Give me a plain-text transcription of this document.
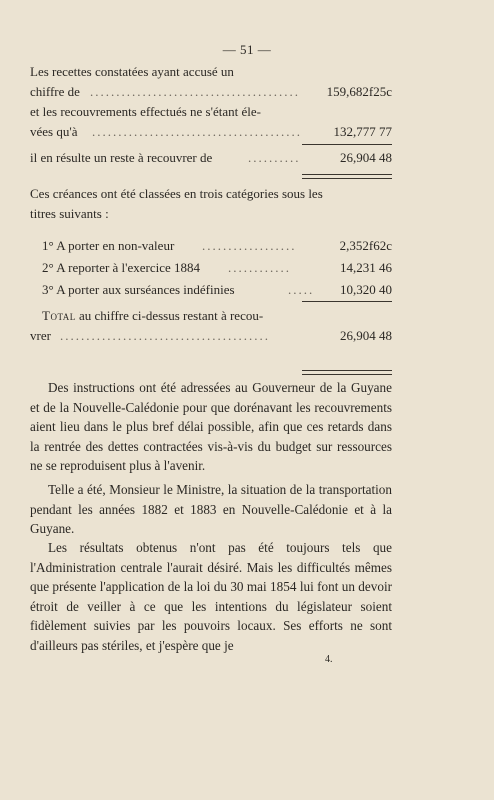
— 51 —
Les recettes constatées ayant accusé un
chiffre de ........................................	159,682f25c
et les recouvrements effectués ne s'étant éle-
vées qu'à ........................................	132,777 77
il en résulte un reste à recouvrer de	..........	26,904 48
Ces créances ont été classées en trois catégories sous les
titres suivants :
1° A porter en non-valeur ..................	2,352f62c
2° A reporter à l'exercice 1884 ............	14,231 46
3° A porter aux surséances indéfinies	.....	10,320 40
Total au chiffre ci-dessus restant à recou-
vrer ........................................	26,904 48

Des instructions ont été adressées au Gouverneur de la Guyane et de la Nouvelle-Calédonie pour que dorénavant les recouvrements aient lieu dans le plus bref délai possible, afin que ces retards dans la rentrée des dettes contractées vis-à-vis du budget sur ressources ne se reproduisent plus à l'avenir.

Telle a été, Monsieur le Ministre, la situation de la transportation pendant les années 1882 et 1883 en Nouvelle-Calédonie et à la Guyane.

Les résultats obtenus n'ont pas été toujours tels que l'Administration centrale l'aurait désiré. Mais les difficultés mêmes que présente l'application de la loi du 30 mai 1854 lui font un devoir étroit de veiller à ce que les intentions du législateur soient fidèlement suivies par les pouvoirs locaux. Ses efforts ne sont d'ailleurs pas stériles, et j'espère que je

4.
